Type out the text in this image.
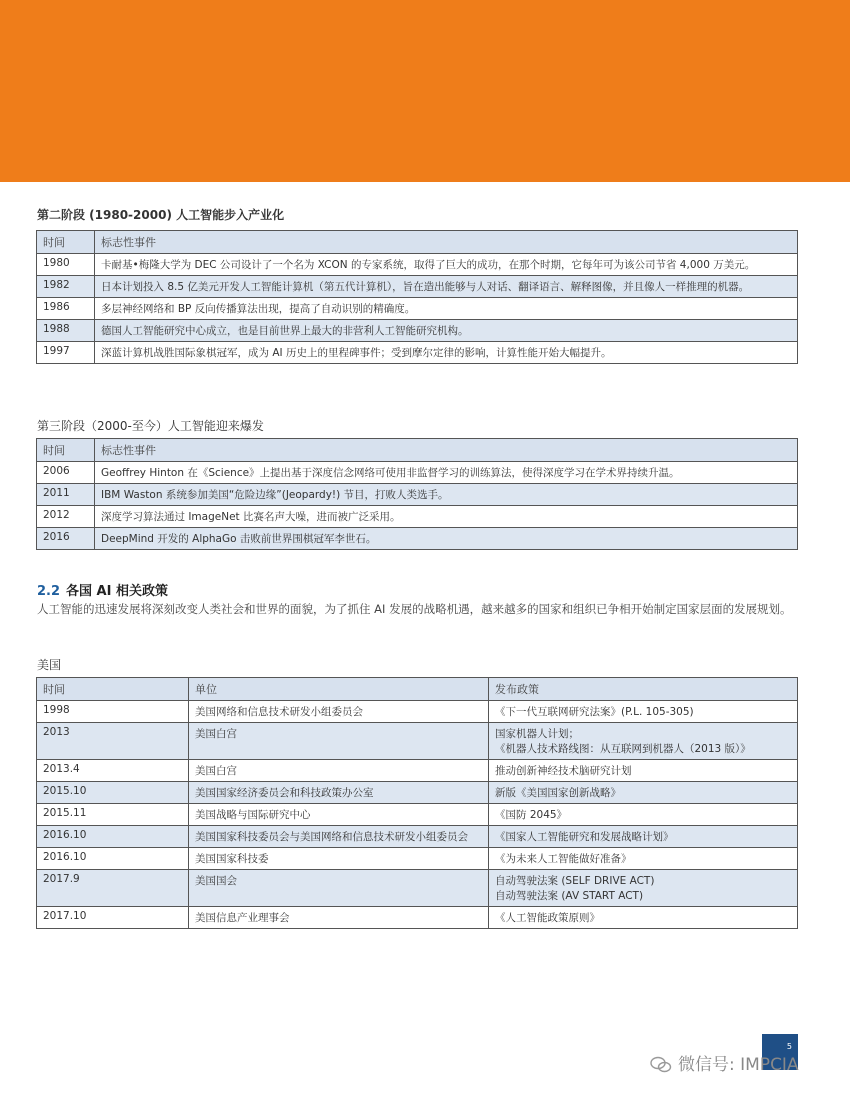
第二阶段 (1980-2000) 人工智能步入产业化
时间	标志性事件
1980	卡耐基•梅隆大学为 DEC 公司设计了一个名为 XCON 的专家系统，取得了巨大的成功，在那个时期，它每年可为该公司节省 4,000 万美元。
1982	日本计划投入 8.5 亿美元开发人工智能计算机（第五代计算机），旨在造出能够与人对话、翻译语言、解释图像，并且像人一样推理的机器。
1986	多层神经网络和 BP 反向传播算法出现，提高了自动识别的精确度。
1988	德国人工智能研究中心成立，也是目前世界上最大的非营利人工智能研究机构。
1997	深蓝计算机战胜国际象棋冠军，成为 AI 历史上的里程碑事件；受到摩尔定律的影响，计算性能开始大幅提升。
第三阶段（2000-至今）人工智能迎来爆发
时间	标志性事件
2006	Geoffrey Hinton 在《Science》上提出基于深度信念网络可使用非监督学习的训练算法，使得深度学习在学术界持续升温。
2011	IBM Waston 系统参加美国“危险边缘”(Jeopardy!) 节目，打败人类选手。
2012	深度学习算法通过 ImageNet 比赛名声大噪，进而被广泛采用。
2016	DeepMind 开发的 AlphaGo 击败前世界围棋冠军李世石。
2.2 各国 AI 相关政策
人工智能的迅速发展将深刻改变人类社会和世界的面貌，为了抓住 AI 发展的战略机遇，越来越多的国家和组织已争相开始制定国家层面的发展规划。
美国
时间	单位	发布政策
1998	美国网络和信息技术研发小组委员会	《下一代互联网研究法案》(P.L. 105-305)
2013	美国白宫	国家机器人计划；
《机器人技术路线图：从互联网到机器人（2013 版）》
2013.4	美国白宫	推动创新神经技术脑研究计划
2015.10	美国国家经济委员会和科技政策办公室	新版《美国国家创新战略》
2015.11	美国战略与国际研究中心	《国防 2045》
2016.10	美国国家科技委员会与美国网络和信息技术研发小组委员会	《国家人工智能研究和发展战略计划》
2016.10	美国国家科技委	《为未来人工智能做好准备》
2017.9	美国国会	自动驾驶法案 (SELF DRIVE ACT)
自动驾驶法案 (AV START ACT)
2017.10	美国信息产业理事会	《人工智能政策原则》
5
微信号: IMPCIA
